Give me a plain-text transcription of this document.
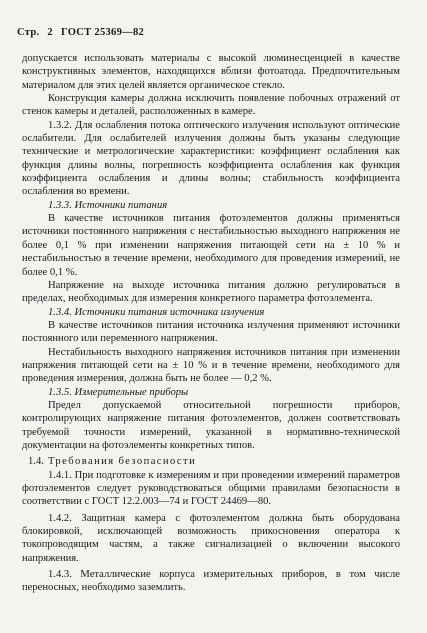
Стр. 2 ГОСТ 25369—82

допускается использовать материалы с высокой люминесценцией в качестве конструктивных элементов, находящихся вблизи фотоатода. Предпочтительным материалом для этих целей является органическое стекло.

Конструкция камеры должна исключить появление побочных отражений от стенок камеры и деталей, расположенных в камере.

1.3.2. Для ослабления потока оптического излучения используют оптические ослабители. Для ослабителей излучения должны быть указаны следующие технические и метрологические характеристики: коэффициент ослабления как функция длины волны, погрешность коэффициента ослабления как функция коэффициента ослабления и длины волны; стабильность коэффициента ослабления во времени.

1.3.3. Источники питания

В качестве источников питания фотоэлементов должны применяться источники постоянного напряжения с нестабильностью выходного напряжения не более 0,1 % при изменении напряжения питающей сети на ± 10 % и нестабильностью в течение времени, необходимого для проведения измерений, не более 0,1 %.

Напряжение на выходе источника питания должно регулироваться в пределах, необходимых для измерения конкретного параметра фотоэлемента.

1.3.4. Источники питания источника излучения

В качестве источников питания источника излучения применяют источники постоянного или переменного напряжения.

Нестабильность выходного напряжения источников питания при изменении напряжения питающей сети на ± 10 % и в течение времени, необходимого для проведения измерения, должна быть не более — 0,2 %.

1.3.5. Измерительные приборы

Предел допускаемой относительной погрешности приборов, контролирующих напряжение питания фотоэлементов, должен соответствовать требуемой точности измерений, указанной в нормативно-технической документации на фотоэлементы конкретных типов.

1.4. Требования безопасности

1.4.1. При подготовке к измерениям и при проведении измерений параметров фотоэлементов следует руководствоваться общими правилами безопасности в соответствии с ГОСТ 12.2.003—74 и ГОСТ 24469—80.

1.4.2. Защитная камера с фотоэлементом должна быть оборудована блокировкой, исключающей возможность прикосновения оператора к токопроводящим частям, а также сигнализацией о включении высокого напряжения.

1.4.3. Металлические корпуса измерительных приборов, в том числе переносных, необходимо заземлить.
